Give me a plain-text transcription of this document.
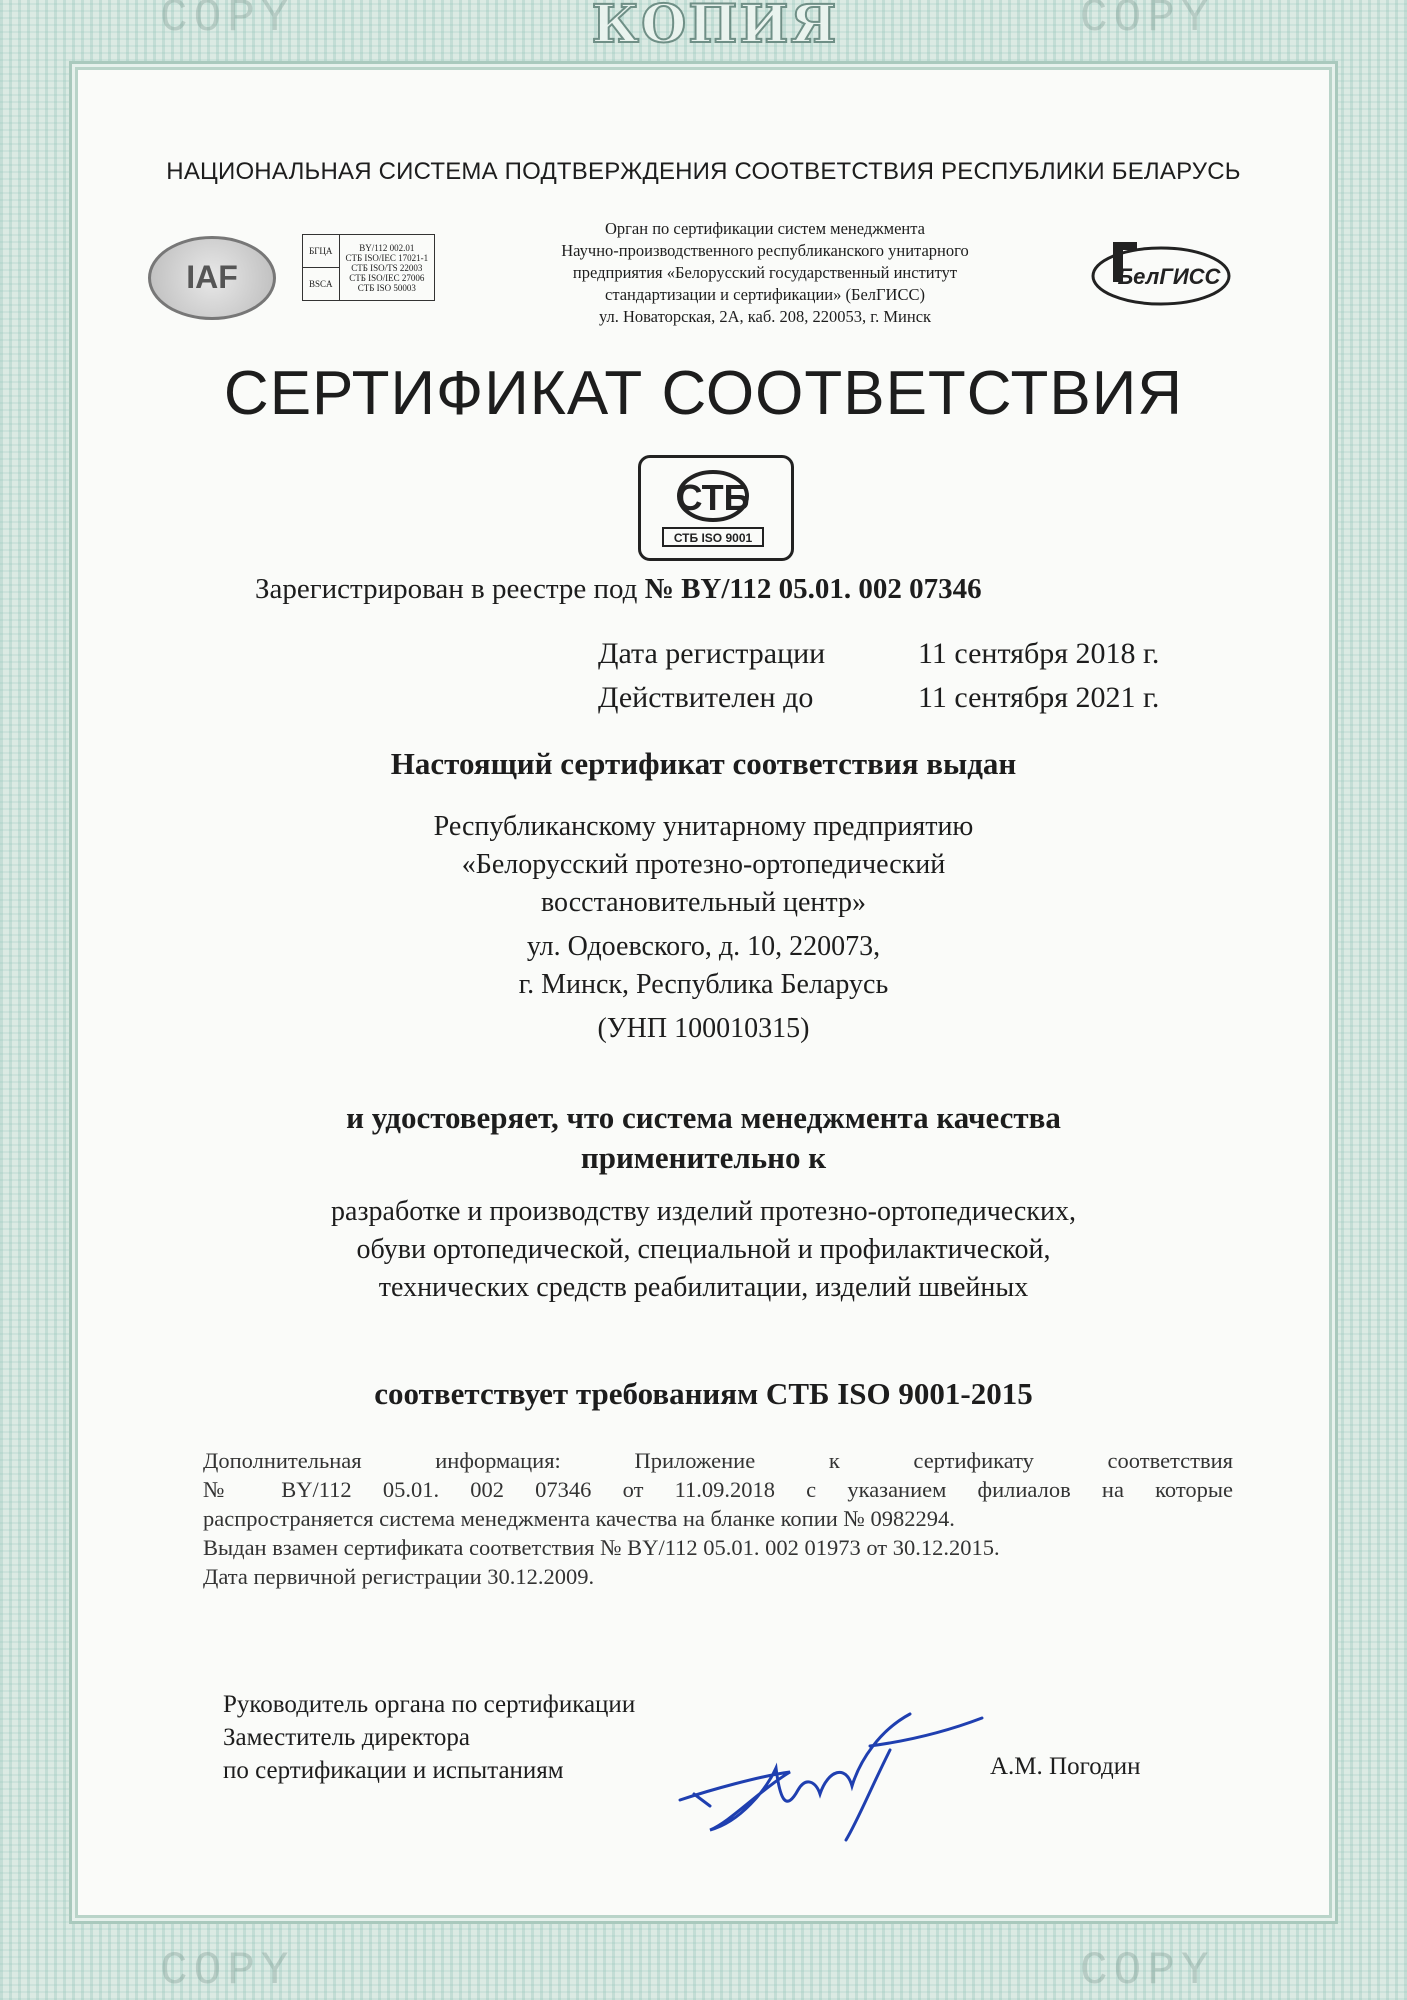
COPY	COPY
COPY	COPY
КОПИЯ
НАЦИОНАЛЬНАЯ СИСТЕМА ПОДТВЕРЖДЕНИЯ СООТВЕТСТВИЯ РЕСПУБЛИКИ БЕЛАРУСЬ
IAF
БГЦА	BY/112 002.01
СТБ ISO/IEC 17021-1
СТБ ISO/TS 22003
СТБ ISO/IEC 27006
СТБ ISO 50003

BSCA
Орган по сертификации систем менеджмента
Научно-производственного республиканского унитарного
предприятия «Белорусский государственный институт
стандартизации и сертификации» (БелГИСС)
ул. Новаторская, 2А, каб. 208, 220053, г. Минск
БелГИСС
СЕРТИФИКАТ СООТВЕТСТВИЯ
СТБ
СТБ ISO 9001
Зарегистрирован в реестре под № BY/112 05.01. 002 07346
Дата регистрации	11 сентября 2018 г.
Действителен до	11 сентября 2021 г.
Настоящий сертификат соответствия выдан
Республиканскому унитарному предприятию
«Белорусский протезно-ортопедический
восстановительный центр»
ул. Одоевского, д. 10, 220073,
г. Минск, Республика Беларусь
(УНП 100010315)
и удостоверяет, что система менеджмента качества
применительно к
разработке и производству изделий протезно-ортопедических,
обуви ортопедической, специальной и профилактической,
технических средств реабилитации, изделий швейных
соответствует требованиям СТБ ISO 9001-2015
Дополнительная информация: Приложение к сертификату соответствия
№ BY/112 05.01. 002 07346 от 11.09.2018 с указанием филиалов на которые
распространяется система менеджмента качества на бланке копии № 0982294.
Выдан взамен сертификата соответствия № BY/112 05.01. 002 01973 от 30.12.2015.
Дата первичной регистрации 30.12.2009.
Руководитель органа по сертификации
Заместитель директора
по сертификации и испытаниям	А.М. Погодин
